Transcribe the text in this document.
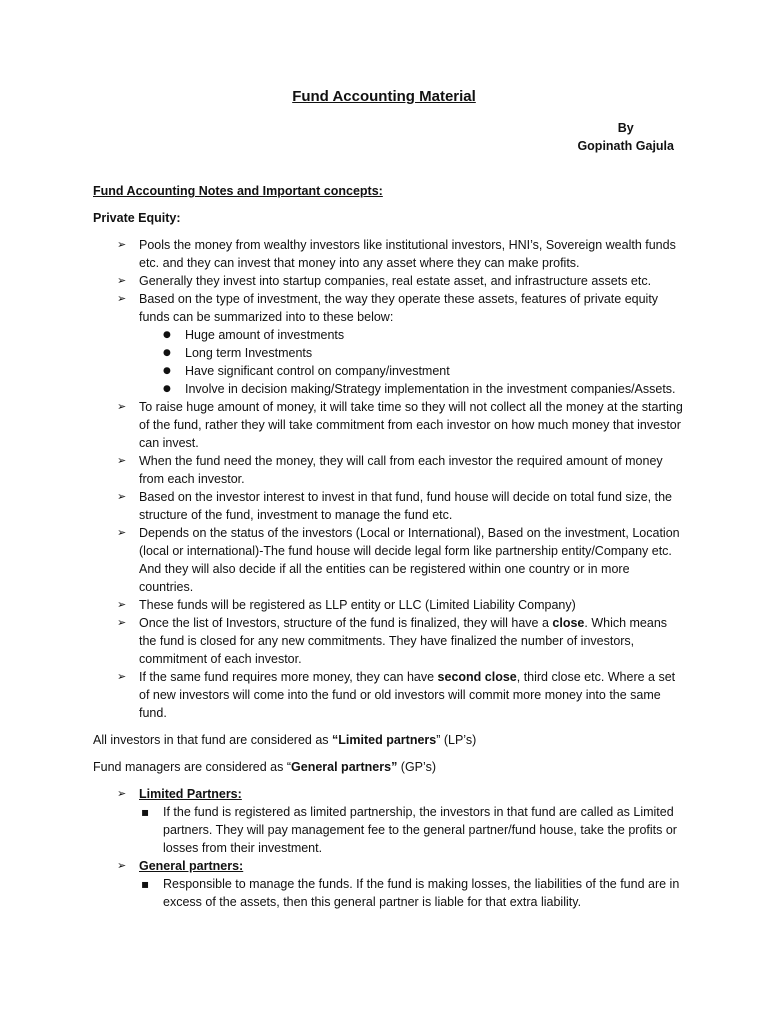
Fund Accounting Material
By
Gopinath Gajula
Fund Accounting Notes and Important concepts:
Private Equity:
➢ Pools the money from wealthy investors like institutional investors, HNI’s, Sovereign wealth funds etc. and they can invest that money into any asset where they can make profits.
➢ Generally they invest into startup companies, real estate asset, and infrastructure assets etc.
➢ Based on the type of investment, the way they operate these assets, features of private equity funds can be summarized into to these below:
● Huge amount of investments
● Long term Investments
● Have significant control on company/investment
● Involve in decision making/Strategy implementation in the investment companies/Assets.
➢ To raise huge amount of money, it will take time so they will not collect all the money at the starting of the fund, rather they will take commitment from each investor on how much money that investor can invest.
➢ When the fund need the money, they will call from each investor the required amount of money from each investor.
➢ Based on the investor interest to invest in that fund, fund house will decide on total fund size, the structure of the fund, investment to manage the fund etc.
➢ Depends on the status of the investors (Local or International), Based on the investment, Location (local or international)-The fund house will decide legal form like partnership entity/Company etc. And they will also decide if all the entities can be registered within one country or in more countries.
➢ These funds will be registered as LLP entity or LLC (Limited Liability Company)
➢ Once the list of Investors, structure of the fund is finalized, they will have a close. Which means the fund is closed for any new commitments. They have finalized the number of investors, commitment of each investor.
➢ If the same fund requires more money, they can have second close, third close etc. Where a set of new investors will come into the fund or old investors will commit more money into the same fund.
All investors in that fund are considered as “Limited partners” (LP’s)
Fund managers are considered as “General partners” (GP’s)
➢ Limited Partners:
▪ If the fund is registered as limited partnership, the investors in that fund are called as Limited partners. They will pay management fee to the general partner/fund house, take the profits or losses from their investment.
➢ General partners:
▪ Responsible to manage the funds. If the fund is making losses, the liabilities of the fund are in excess of the assets, then this general partner is liable for that extra liability.
